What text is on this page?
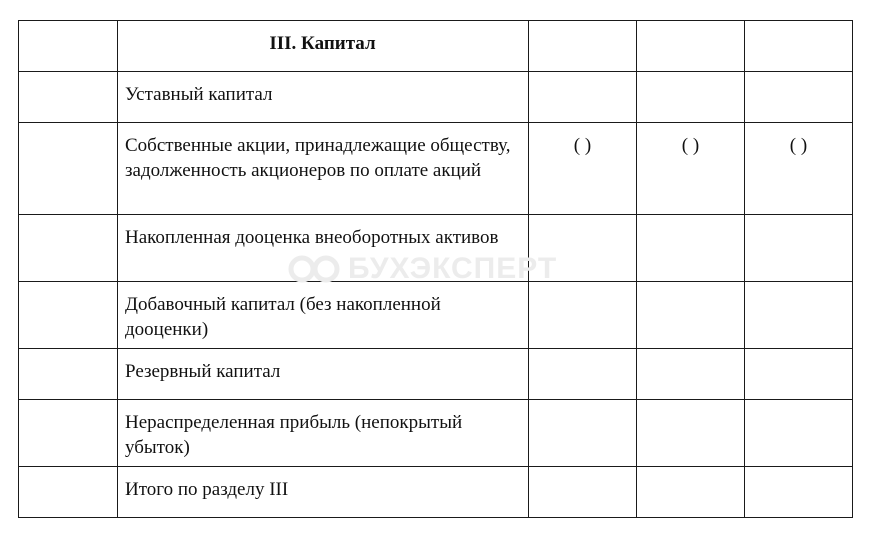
	III. Капитал			

	Уставный капитал			

	Собственные акции, принадлежащие обществу, задолженность акционеров по оплате акций	( )	( )	( )

	Накопленная дооценка внеоборотных активов			

	Добавочный капитал (без накопленной дооценки)			

	Резервный капитал			

	Нераспределенная прибыль (непокрытый убыток)			

	Итого по разделу III			

БУХЭКСПЕРТ
